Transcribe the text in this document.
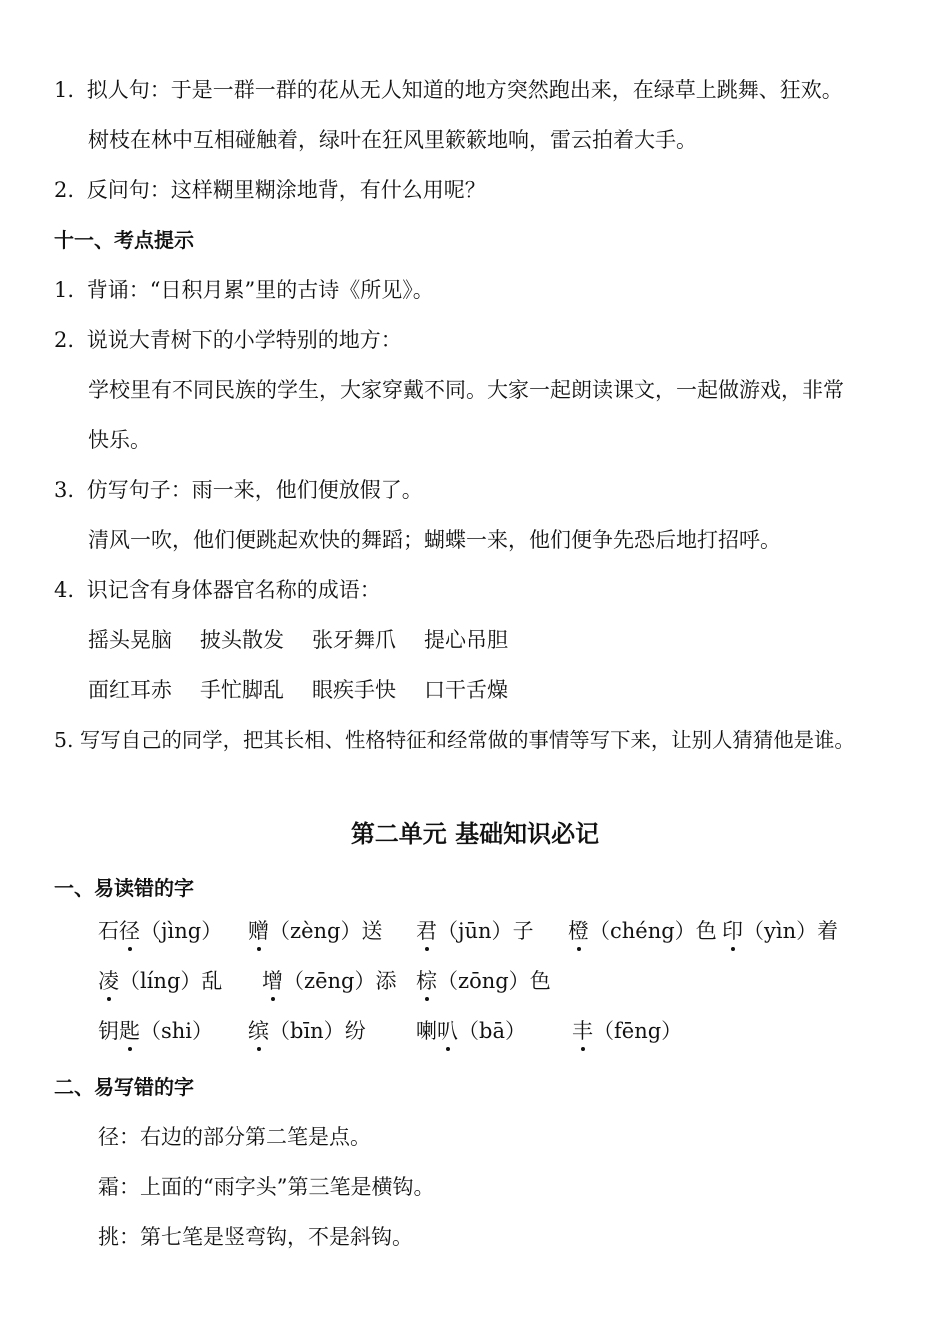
1. 拟人句：于是一群一群的花从无人知道的地方突然跑出来，在绿草上跳舞、狂欢。
树枝在林中互相碰触着，绿叶在狂风里簌簌地响，雷云拍着大手。
2. 反问句：这样糊里糊涂地背，有什么用呢？
十一、考点提示
1. 背诵：“日积月累”里的古诗《所见》。
2. 说说大青树下的小学特别的地方：
学校里有不同民族的学生，大家穿戴不同。大家一起朗读课文，一起做游戏，非常
快乐。
3. 仿写句子：雨一来，他们便放假了。
清风一吹，他们便跳起欢快的舞蹈；蝴蝶一来，他们便争先恐后地打招呼。
4. 识记含有身体器官名称的成语：
摇头晃脑 披头散发 张牙舞爪 提心吊胆
面红耳赤 手忙脚乱 眼疾手快 口干舌燥
5. 写写自己的同学，把其长相、性格特征和经常做的事情等写下来，让别人猜猜他是谁。
第二单元 基础知识必记
一、易读错的字
石径（jìng） 赠（zèng）送 君（jūn）子 橙（chéng）色 印（yìn）着
凌（líng）乱 增（zēng）添 棕（zōng）色
钥匙（shi） 缤（bīn）纷 喇叭（bā） 丰（fēng）
二、易写错的字
径：右边的部分第二笔是点。
霜：上面的“雨字头”第三笔是横钩。
挑：第七笔是竖弯钩，不是斜钩。
